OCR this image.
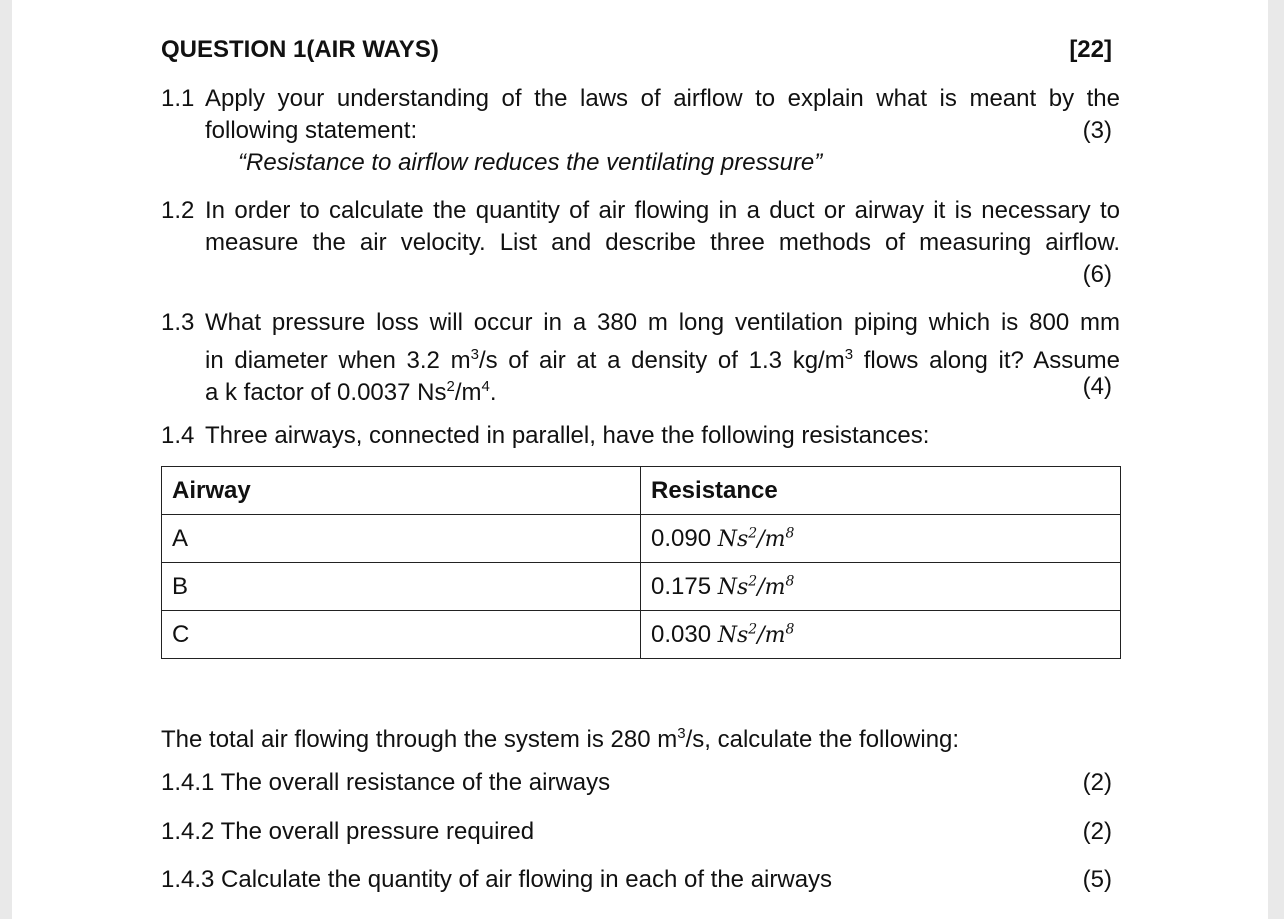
QUESTION 1(AIR WAYS)	[22]
1.1 Apply your understanding of the laws of airflow to explain what is meant by the
following statement:	(3)
“Resistance to airflow reduces the ventilating pressure”
1.2 In order to calculate the quantity of air flowing in a duct or airway it is necessary to
measure the air velocity. List and describe three methods of measuring airflow.
(6)
1.3 What pressure loss will occur in a 380 m long ventilation piping which is 800 mm
in diameter when 3.2 $m^3/s$ of air at a density of 1.3 $kg/m^3$ flows along it? Assume
a k factor of 0.0037 $Ns^2/m^4$.	(4)
1.4 Three airways, connected in parallel, have the following resistances:
Airway	Resistance
A	0.090 $Ns^2/m^8$
B	0.175 $Ns^2/m^8$
C	0.030 $Ns^2/m^8$
The total air flowing through the system is 280 $m^3/s$, calculate the following:
1.4.1 The overall resistance of the airways	(2)
1.4.2 The overall pressure required	(2)
1.4.3 Calculate the quantity of air flowing in each of the airways	(5)
